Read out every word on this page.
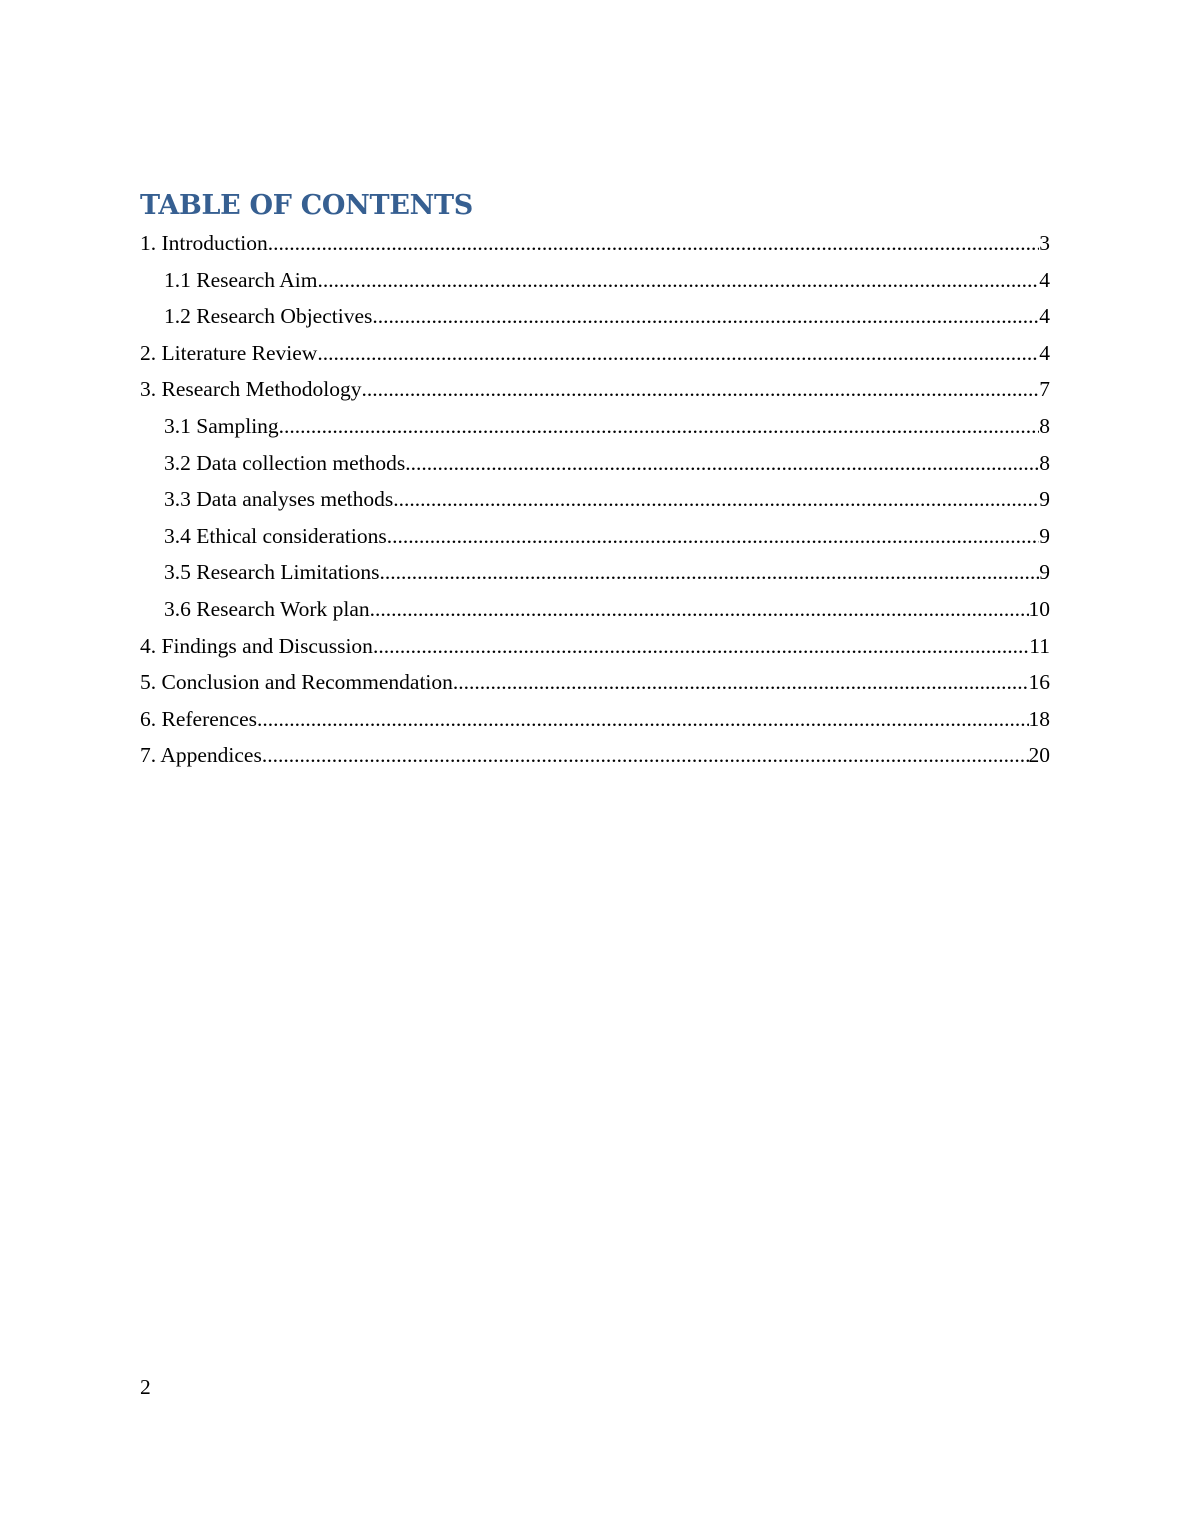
TABLE OF CONTENTS
1. Introduction .....	3
1.1 Research Aim .....	4
1.2 Research Objectives .....	4
2. Literature Review .....	4
3. Research Methodology .....	7
3.1 Sampling .....	8
3.2 Data collection methods .....	8
3.3 Data analyses methods .....	9
3.4 Ethical considerations .....	9
3.5 Research Limitations .....	9
3.6 Research Work plan .....	10
4. Findings and Discussion .....	11
5. Conclusion and Recommendation .....	16
6. References .....	18
7. Appendices .....	20
2
